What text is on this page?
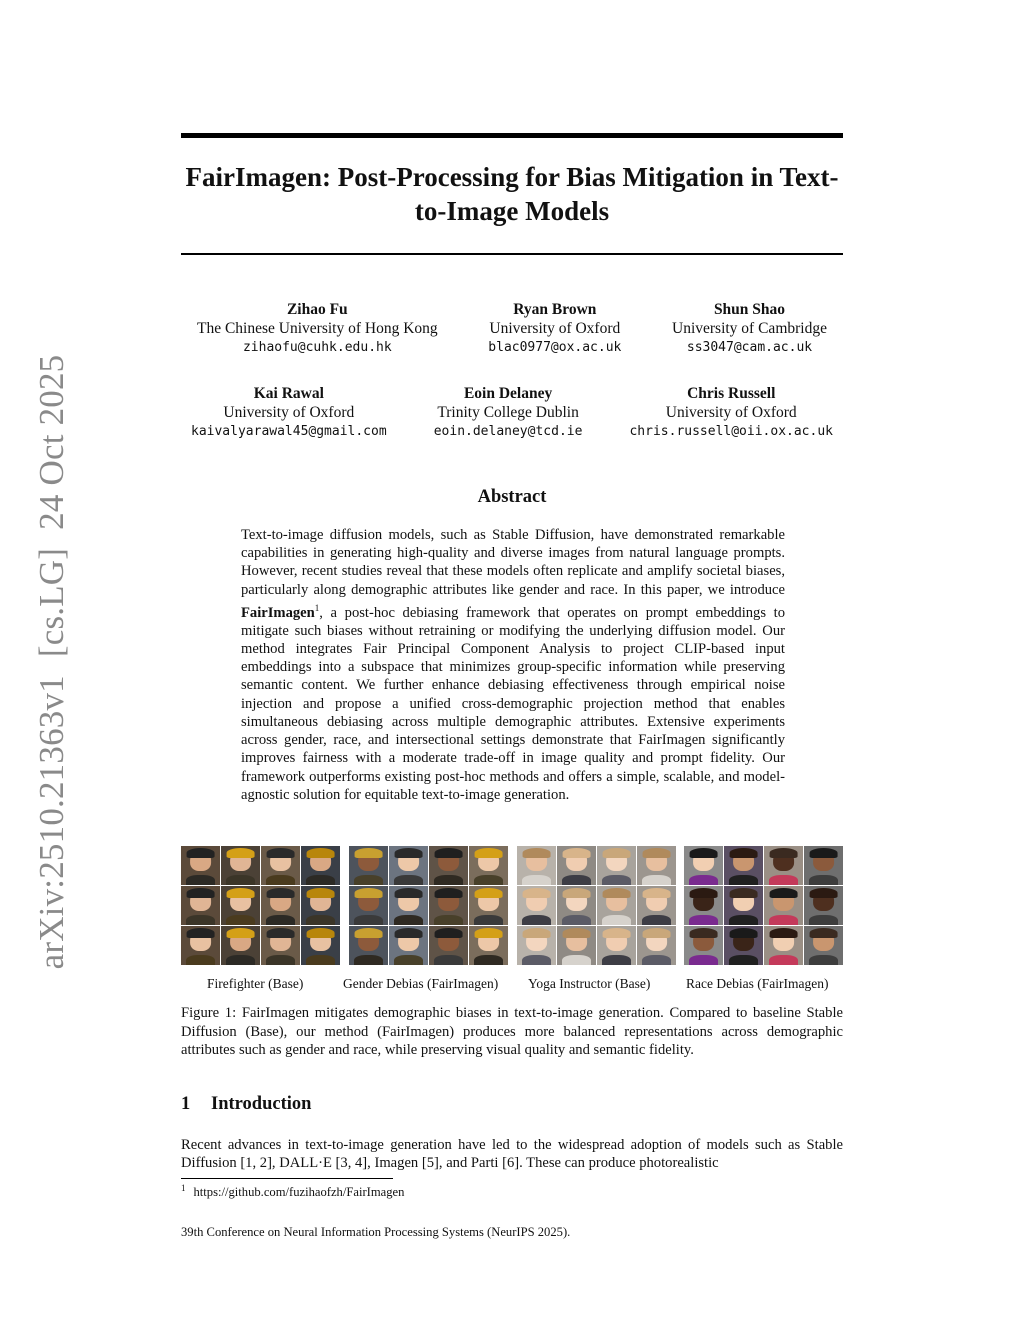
arXiv:2510.21363v1[cs.LG]24 Oct 2025
FairImagen: Post-Processing for Bias Mitigation in Text-to-Image Models
Zihao Fu
The Chinese University of Hong Kong
zihaofu@cuhk.edu.hk
Ryan Brown
University of Oxford
blac0977@ox.ac.uk
Shun Shao
University of Cambridge
ss3047@cam.ac.uk
Kai Rawal
University of Oxford
kaivalyarawal45@gmail.com
Eoin Delaney
Trinity College Dublin
eoin.delaney@tcd.ie
Chris Russell
University of Oxford
chris.russell@oii.ox.ac.uk
Abstract
Text-to-image diffusion models, such as Stable Diffusion, have demonstrated remarkable capabilities in generating high-quality and diverse images from natural language prompts. However, recent studies reveal that these models often replicate and amplify societal biases, particularly along demographic attributes like gender and race. In this paper, we introduce FairImagen$^1$, a post-hoc debiasing framework that operates on prompt embeddings to mitigate such biases without retraining or modifying the underlying diffusion model. Our method integrates Fair Principal Component Analysis to project CLIP-based input embeddings into a subspace that minimizes group-specific information while preserving semantic content. We further enhance debiasing effectiveness through empirical noise injection and propose a unified cross-demographic projection method that enables simultaneous debiasing across multiple demographic attributes. Extensive experiments across gender, race, and intersectional settings demonstrate that FairImagen significantly improves fairness with a moderate trade-off in image quality and prompt fidelity. Our framework outperforms existing post-hoc methods and offers a simple, scalable, and model-agnostic solution for equitable text-to-image generation.
Firefighter (Base)	Gender Debias (FairImagen) Yoga Instructor (Base)	Race Debias (FairImagen)
Figure 1: FairImagen mitigates demographic biases in text-to-image generation. Compared to baseline Stable Diffusion (Base), our method (FairImagen) produces more balanced representations across demographic attributes such as gender and race, while preserving visual quality and semantic fidelity.
1 Introduction
Recent advances in text-to-image generation have led to the widespread adoption of models such as Stable Diffusion [1, 2], DALL·E [3, 4], Imagen [5], and Parti [6]. These can produce photorealistic
$^1$ https://github.com/fuzihaofzh/FairImagen
39th Conference on Neural Information Processing Systems (NeurIPS 2025).
